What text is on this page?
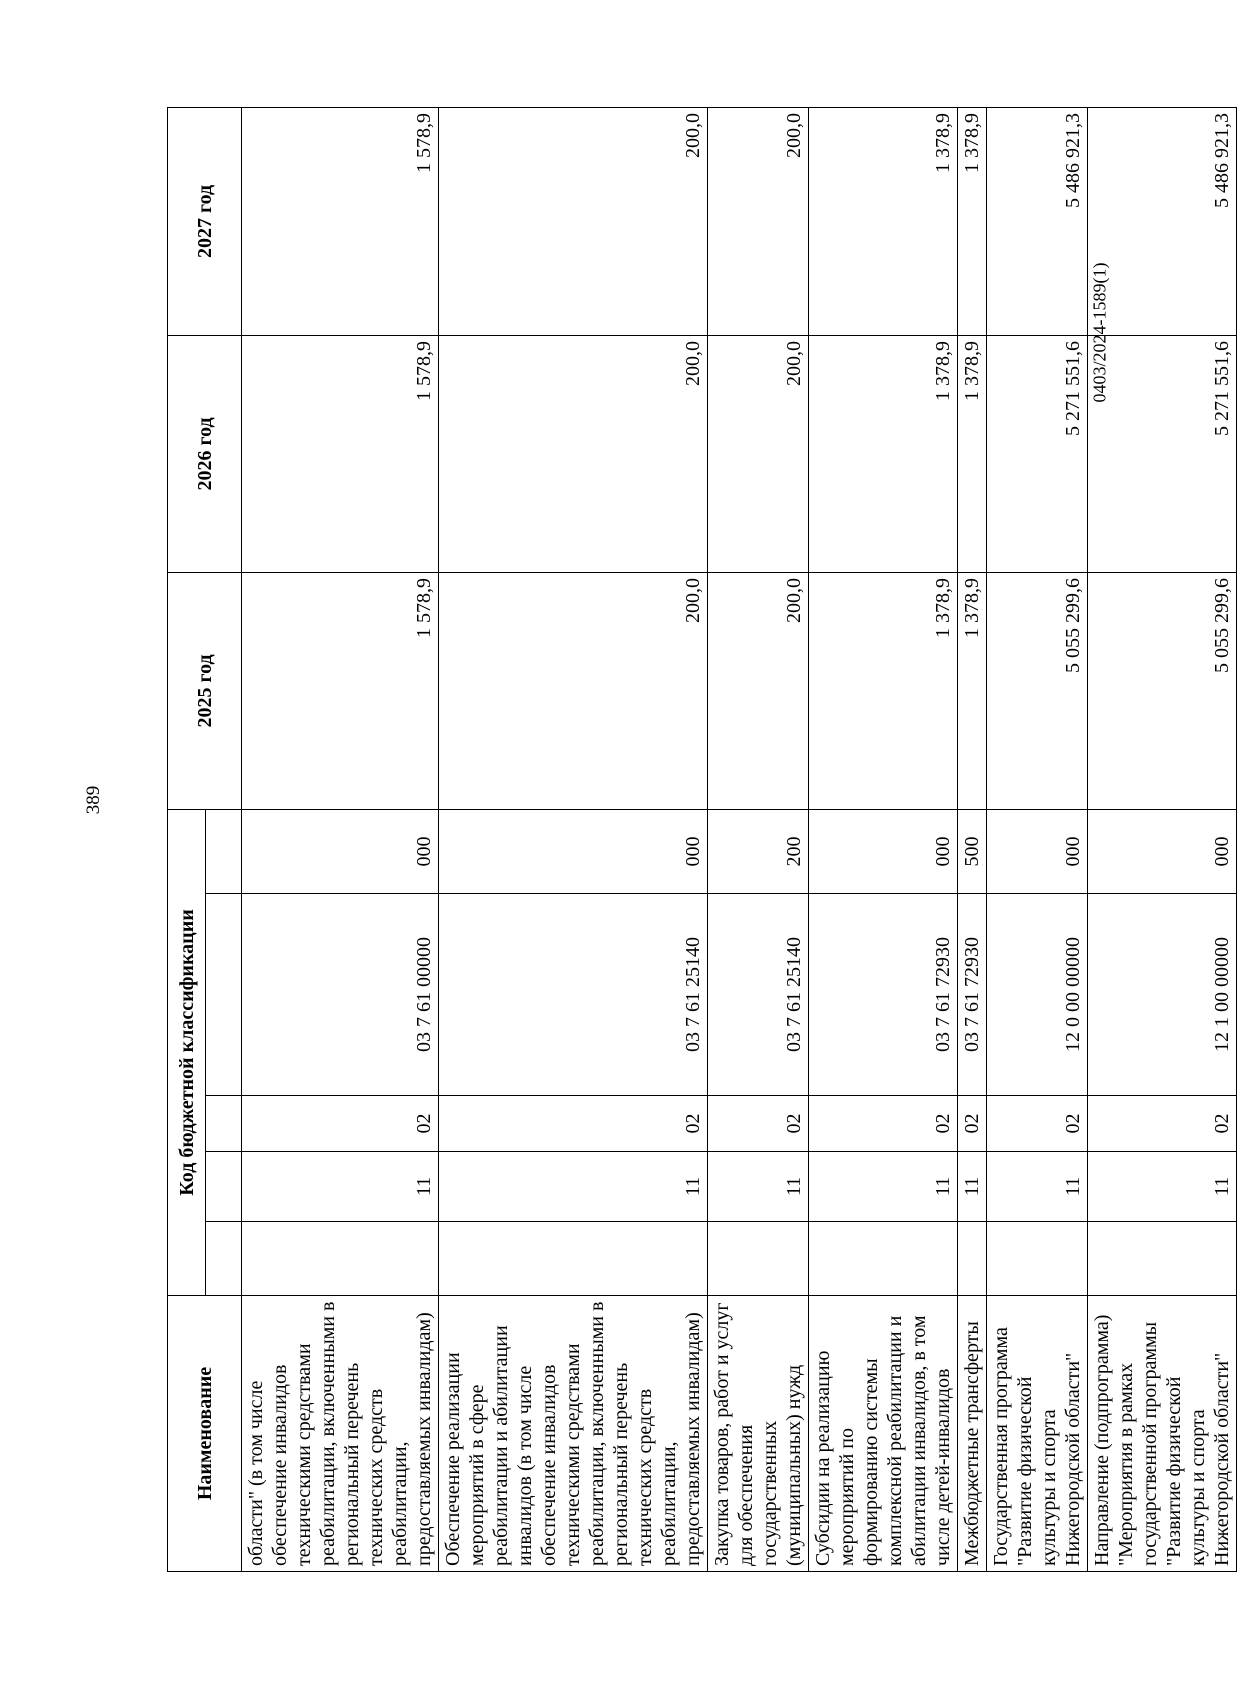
389
0403/2024-1589(1)
Наименование	Код бюджетной классификации					2025 год	2026 год	2027 год

области" (в том числе обеспечение инвалидов техническими средствами реабилитации, включенными в региональный перечень технических средств реабилитации, предоставляемых инвалидам)		11	02	03 7 61 00000	000	1 578,9	1 578,9	1 578,9
Обеспечение реализации мероприятий в сфере реабилитации и абилитации инвалидов (в том числе обеспечение инвалидов техническими средствами реабилитации, включенными в региональный перечень технических средств реабилитации, предоставляемых инвалидам)		11	02	03 7 61 25140	000	200,0	200,0	200,0
Закупка товаров, работ и услуг для обеспечения государственных (муниципальных) нужд		11	02	03 7 61 25140	200	200,0	200,0	200,0
Субсидии на реализацию мероприятий по формированию системы комплексной реабилитации и абилитации инвалидов, в том числе детей-инвалидов		11	02	03 7 61 72930	000	1 378,9	1 378,9	1 378,9
Межбюджетные трансферты		11	02	03 7 61 72930	500	1 378,9	1 378,9	1 378,9
Государственная программа "Развитие физической культуры и спорта Нижегородской области"		11	02	12 0 00 00000	000	5 055 299,6	5 271 551,6	5 486 921,3
Направление (подпрограмма) "Мероприятия в рамках государственной программы "Развитие физической культуры и спорта Нижегородской области"		11	02	12 1 00 00000	000	5 055 299,6	5 271 551,6	5 486 921,3
